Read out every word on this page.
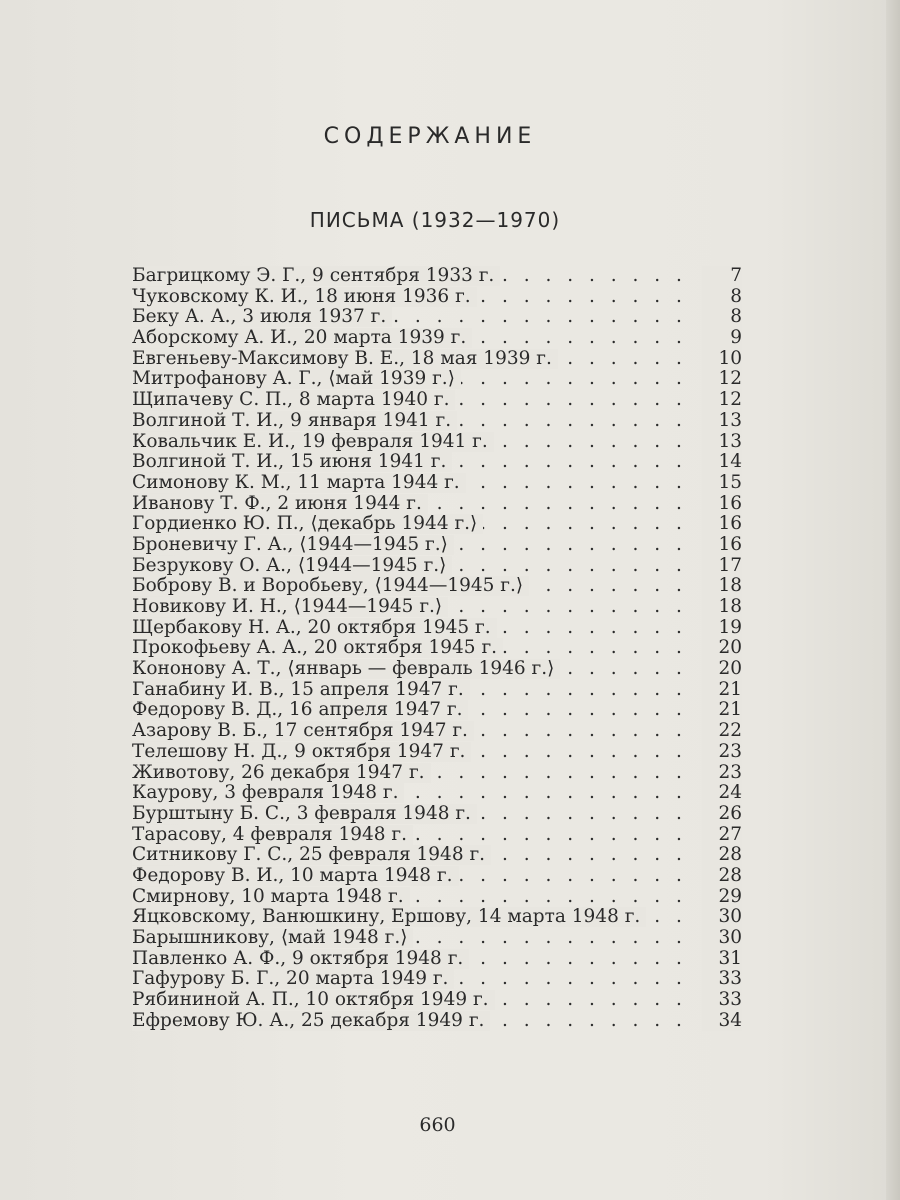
СОДЕРЖАНИЕ
ПИСЬМА (1932—1970)
Багрицкому Э. Г., 9 сентября 1933 г.	7
. . .
Чуковскому К. И., 18 июня 1936 г.	8
. . .
Беку А. А., 3 июля 1937 г.	8
. . .
Аборскому А. И., 20 марта 1939 г.	9
. . .
Евгеньеву-Максимову В. Е., 18 мая 1939 г.	10
. . .
Митрофанову А. Г., ⟨май 1939 г.⟩	12
. . .
Щипачеву С. П., 8 марта 1940 г.	12
. . .
Волгиной Т. И., 9 января 1941 г.	13
. . .
Ковальчик Е. И., 19 февраля 1941 г.	13
. . .
Волгиной Т. И., 15 июня 1941 г.	14
. . .
Симонову К. М., 11 марта 1944 г.	15
. . .
Иванову Т. Ф., 2 июня 1944 г.	16
. . .
Гордиенко Ю. П., ⟨декабрь 1944 г.⟩	16
. . .
Броневичу Г. А., ⟨1944—1945 г.⟩	16
. . .
Безрукову О. А., ⟨1944—1945 г.⟩	17
. . .
Боброву В. и Воробьеву, ⟨1944—1945 г.⟩	18
. . .
Новикову И. Н., ⟨1944—1945 г.⟩	18
. . .
Щербакову Н. А., 20 октября 1945 г.	19
. . .
Прокофьеву А. А., 20 октября 1945 г.	20
. . .
Кононову А. Т., ⟨январь — февраль 1946 г.⟩	20
. . .
Ганабину И. В., 15 апреля 1947 г.	21
. . .
Федорову В. Д., 16 апреля 1947 г.	21
. . .
Азарову В. Б., 17 сентября 1947 г.	22
. . .
Телешову Н. Д., 9 октября 1947 г.	23
. . .
Животову, 26 декабря 1947 г.	23
. . .
Каурову, 3 февраля 1948 г.	24
. . .
Бурштыну Б. С., 3 февраля 1948 г.	26
. . .
Тарасову, 4 февраля 1948 г.	27
. . .
Ситникову Г. С., 25 февраля 1948 г.	28
. . .
Федорову В. И., 10 марта 1948 г.	28
. . .
Смирнову, 10 марта 1948 г.	29
. . .
Яцковскому, Ванюшкину, Ершову, 14 марта 1948 г.	30
. . .
Барышникову, ⟨май 1948 г.⟩	30
. . .
Павленко А. Ф., 9 октября 1948 г.	31
. . .
Гафурову Б. Г., 20 марта 1949 г.	33
. . .
Рябининой А. П., 10 октября 1949 г.	33
. . .
Ефремову Ю. А., 25 декабря 1949 г.	34
. . .
660
